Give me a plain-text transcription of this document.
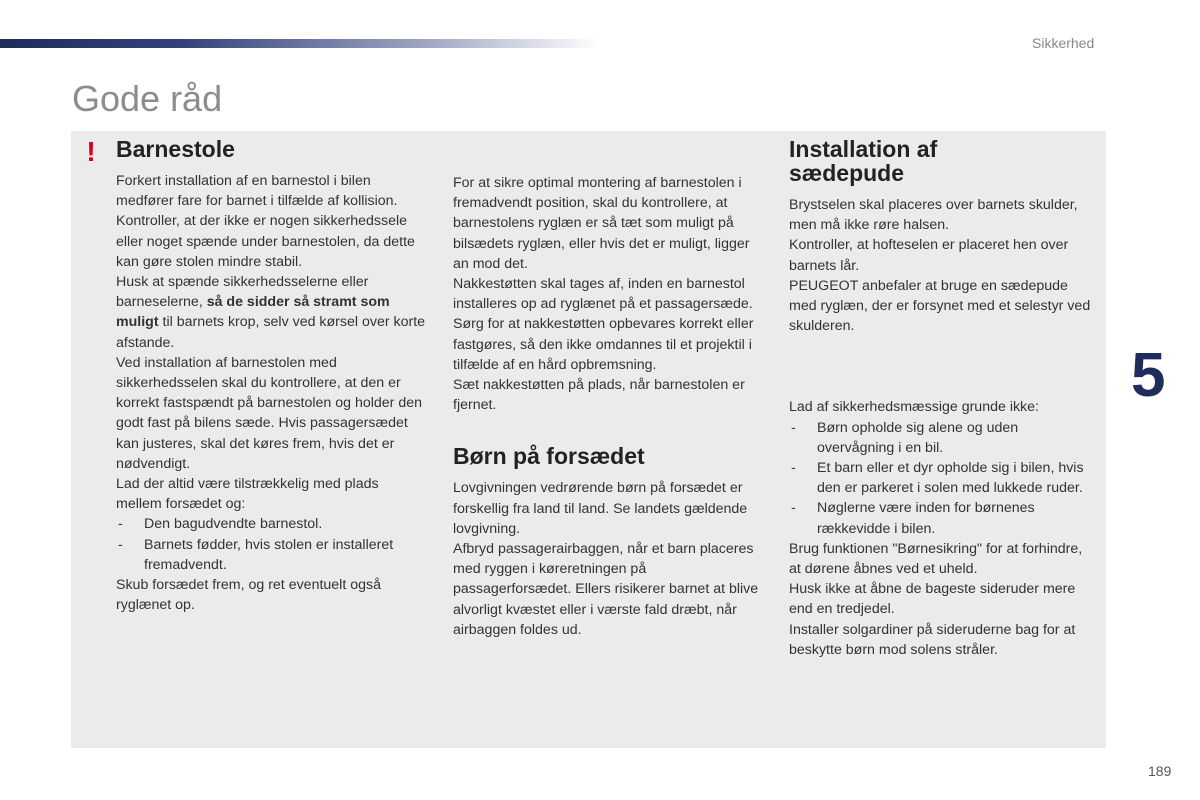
Sikkerhed
Gode råd
! Barnestole

Forkert installation af en barnestol i bilen medfører fare for barnet i tilfælde af kollision. Kontroller, at der ikke er nogen sikkerhedssele eller noget spænde under barnestolen, da dette kan gøre stolen mindre stabil.

Husk at spænde sikkerhedsselerne eller barneselerne, så de sidder så stramt som muligt til barnets krop, selv ved kørsel over korte afstande.

Ved installation af barnestolen med sikkerhedsselen skal du kontrollere, at den er korrekt fastspændt på barnestolen og holder den godt fast på bilens sæde. Hvis passagersædet kan justeres, skal det køres frem, hvis det er nødvendigt.

Lad der altid være tilstrækkelig med plads mellem forsædet og:

- Den bagudvendte barnestol.
- Barnets fødder, hvis stolen er installeret fremadvendt.

Skub forsædet frem, og ret eventuelt også ryglænet op.

For at sikre optimal montering af barnestolen i fremadvendt position, skal du kontrollere, at barnestolens ryglæn er så tæt som muligt på bilsædets ryglæn, eller hvis det er muligt, ligger an mod det.

Nakkestøtten skal tages af, inden en barnestol installeres op ad ryglænet på et passagersæde.

Sørg for at nakkestøtten opbevares korrekt eller fastgøres, så den ikke omdannes til et projektil i tilfælde af en hård opbremsning.

Sæt nakkestøtten på plads, når barnestolen er fjernet.

Børn på forsædet

Lovgivningen vedrørende børn på forsædet er forskellig fra land til land. Se landets gældende lovgivning.

Afbryd passagerairbaggen, når et barn placeres med ryggen i køreretningen på passagerforsædet. Ellers risikerer barnet at blive alvorligt kvæstet eller i værste fald dræbt, når airbaggen foldes ud.

Installation af sædepude

Brystselen skal placeres over barnets skulder, men må ikke røre halsen.

Kontroller, at hofteselen er placeret hen over barnets lår.

PEUGEOT anbefaler at bruge en sædepude med ryglæn, der er forsynet med et selestyr ved skulderen.

Lad af sikkerhedsmæssige grunde ikke:

- Børn opholde sig alene og uden overvågning i en bil.
- Et barn eller et dyr opholde sig i bilen, hvis den er parkeret i solen med lukkede ruder.
- Nøglerne være inden for børnenes rækkevidde i bilen.

Brug funktionen "Børnesikring" for at forhindre, at dørene åbnes ved et uheld.

Husk ikke at åbne de bageste sideruder mere end en tredjedel.

Installer solgardiner på sideruderne bag for at beskytte børn mod solens stråler.

5
189
